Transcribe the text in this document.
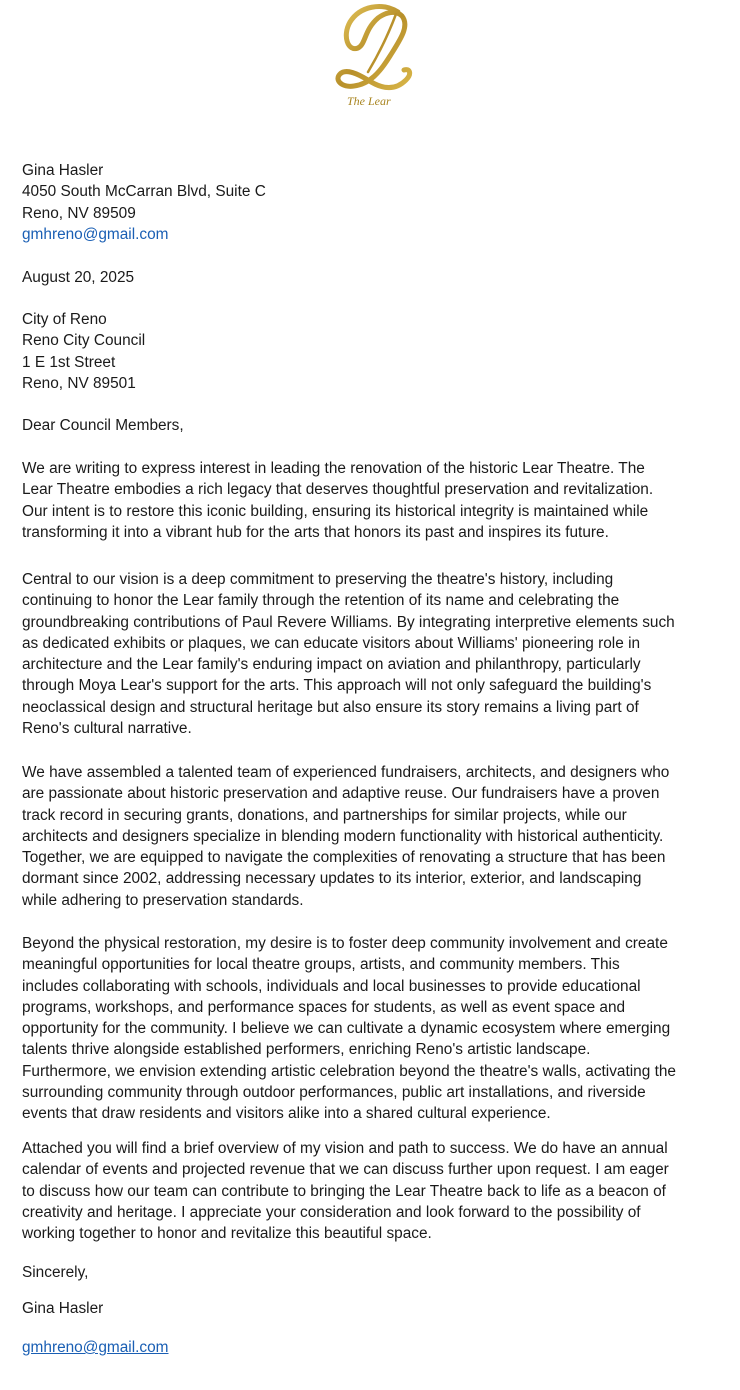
The Lear
Gina Hasler
4050 South McCarran Blvd, Suite C
Reno, NV 89509
gmhreno@gmail.com
August 20, 2025
City of Reno
Reno City Council
1 E 1st Street
Reno, NV 89501
Dear Council Members,
We are writing to express interest in leading the renovation of the historic Lear Theatre. The
Lear Theatre embodies a rich legacy that deserves thoughtful preservation and revitalization.
Our intent is to restore this iconic building, ensuring its historical integrity is maintained while
transforming it into a vibrant hub for the arts that honors its past and inspires its future.
Central to our vision is a deep commitment to preserving the theatre's history, including
continuing to honor the Lear family through the retention of its name and celebrating the
groundbreaking contributions of Paul Revere Williams. By integrating interpretive elements such
as dedicated exhibits or plaques, we can educate visitors about Williams' pioneering role in
architecture and the Lear family's enduring impact on aviation and philanthropy, particularly
through Moya Lear's support for the arts. This approach will not only safeguard the building's
neoclassical design and structural heritage but also ensure its story remains a living part of
Reno's cultural narrative.
We have assembled a talented team of experienced fundraisers, architects, and designers who
are passionate about historic preservation and adaptive reuse. Our fundraisers have a proven
track record in securing grants, donations, and partnerships for similar projects, while our
architects and designers specialize in blending modern functionality with historical authenticity.
Together, we are equipped to navigate the complexities of renovating a structure that has been
dormant since 2002, addressing necessary updates to its interior, exterior, and landscaping
while adhering to preservation standards.
Beyond the physical restoration, my desire is to foster deep community involvement and create
meaningful opportunities for local theatre groups, artists, and community members. This
includes collaborating with schools, individuals and local businesses to provide educational
programs, workshops, and performance spaces for students, as well as event space and
opportunity for the community. I believe we can cultivate a dynamic ecosystem where emerging
talents thrive alongside established performers, enriching Reno's artistic landscape.
Furthermore, we envision extending artistic celebration beyond the theatre's walls, activating the
surrounding community through outdoor performances, public art installations, and riverside
events that draw residents and visitors alike into a shared cultural experience.
Attached you will find a brief overview of my vision and path to success. We do have an annual
calendar of events and projected revenue that we can discuss further upon request. I am eager
to discuss how our team can contribute to bringing the Lear Theatre back to life as a beacon of
creativity and heritage. I appreciate your consideration and look forward to the possibility of
working together to honor and revitalize this beautiful space.
Sincerely,
Gina Hasler
gmhreno@gmail.com
